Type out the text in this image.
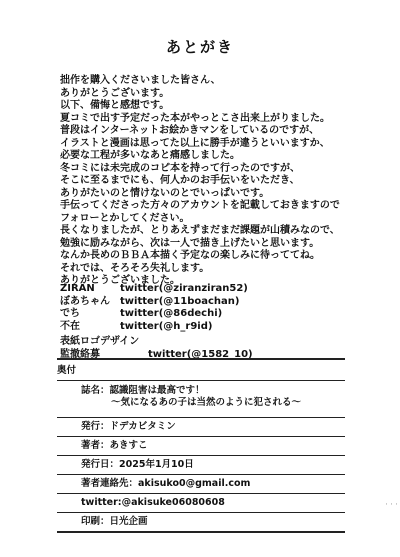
あとがき
拙作を購入くださいました皆さん、
ありがとうございます。
以下、備悔と感想です。
夏コミで出す予定だった本がやっとこさ出来上がりました。
普段はインターネットお絵かきマンをしているのですが、
イラストと漫画は思ってた以上に勝手が違うといいますか、
必要な工程が多いなあと痛感しました。
冬コミには未完成のコピ本を持って行ったのですが、
そこに至るまでにも、何人かのお手伝いをいただき、
ありがたいのと情けないのとでいっぱいです。
手伝ってくださった方々のアカウントを記載しておきますので
フォローとかしてください。
長くなりましたが、とりあえずまだまだ課題が山積みなので、
勉強に励みながら、次は一人で描き上げたいと思います。
なんか長めのＢＢＡ本描く予定なの楽しみに待っててね。
それでは、そろそろ失礼します。
ありがとうございました。
ZIRAN	twitter(@ziranziran52)
ぼあちゃん	twitter(@11boachan)
でち	twitter(@86dechi)
不在	twitter(@h_r9id)
表紙ロゴデザイン
監撤絡募	twitter(@1582_10)
奥付
誌名：認識阻害は最高です！
〜気になるあの子は当然のように犯される〜
発行：ドデカビタミン
著者：あきすこ
発行日：2025年1月10日
著者連絡先：akisuko0@gmail.com
twitter:@akisuke06080608
印刷：日光企画
・・・
